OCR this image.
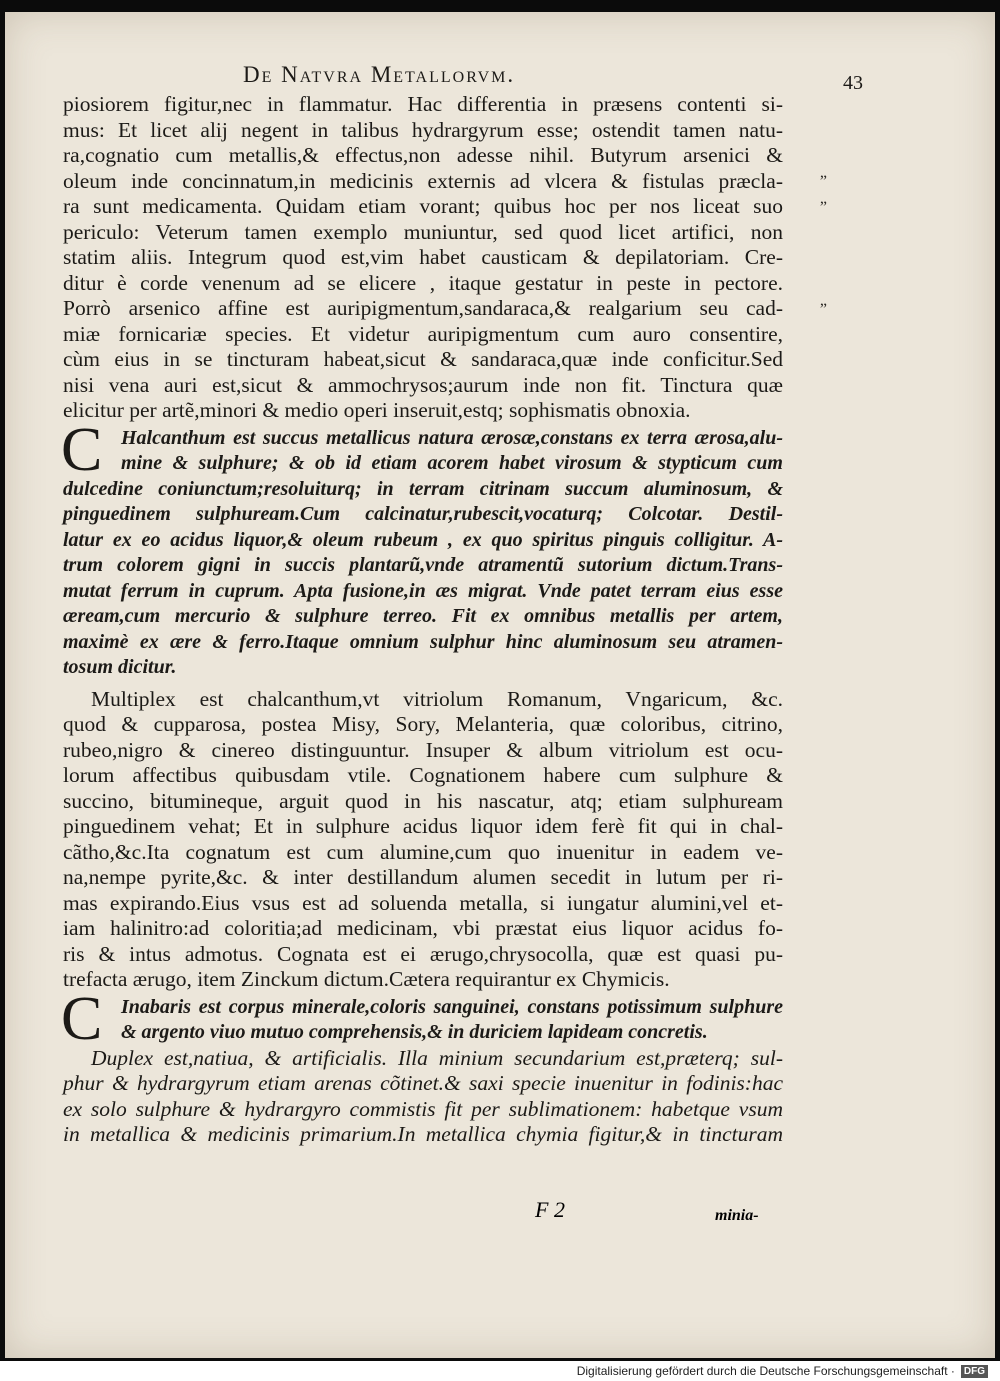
De Natvra Metallorvm.	43
piosiorem figitur,nec in flammatur. Hac differentia in præsens contenti si-
mus: Et licet alij negent in talibus hydrargyrum esse; ostendit tamen natu-
ra,cognatio cum metallis,& effectus,non adesse nihil. Butyrum arsenici &
oleum inde concinnatum,in medicinis externis ad vlcera & fistulas præcla-
ra sunt medicamenta. Quidam etiam vorant; quibus hoc per nos liceat suo
periculo: Veterum tamen exemplo muniuntur, sed quod licet artifici, non
statim aliis. Integrum quod est,vim habet causticam & depilatoriam. Cre-
ditur è corde venenum ad se elicere , itaque gestatur in peste in pectore.
Porrò arsenico affine est auripigmentum,sandaraca,& realgarium seu cad-
miæ fornicariæ species. Et videtur auripigmentum cum auro consentire,
cùm eius in se tincturam habeat,sicut & sandaraca,quæ inde conficitur.Sed
nisi vena auri est,sicut & ammochrysos;aurum inde non fit. Tinctura quæ
elicitur per artẽ,minori & medio operi inseruit,estq; sophismatis obnoxia.
„
„
„
C Halcanthum est succus metallicus natura ærosæ,constans ex terra ærosa,alu-
mine & sulphure; & ob id etiam acorem habet virosum & stypticum cum
dulcedine coniunctum;resoluiturq; in terram citrinam succum aluminosum, &
pinguedinem sulphuream.Cum calcinatur,rubescit,vocaturq; Colcotar. Destil-
latur ex eo acidus liquor,& oleum rubeum , ex quo spiritus pinguis colligitur. A-
trum colorem gigni in succis plantarũ,vnde atramentũ sutorium dictum.Trans-
mutat ferrum in cuprum. Apta fusione,in æs migrat. Vnde patet terram eius esse
æream,cum mercurio & sulphure terreo. Fit ex omnibus metallis per artem,
maximè ex ære & ferro.Itaque omnium sulphur hinc aluminosum seu atramen-
tosum dicitur.
Multiplex est chalcanthum,vt vitriolum Romanum, Vngaricum, &c.
quod & cupparosa, postea Misy, Sory, Melanteria, quæ coloribus, citrino,
rubeo,nigro & cinereo distinguuntur. Insuper & album vitriolum est ocu-
lorum affectibus quibusdam vtile. Cognationem habere cum sulphure &
succino, bitumineque, arguit quod in his nascatur, atq; etiam sulphuream
pinguedinem vehat; Et in sulphure acidus liquor idem ferè fit qui in chal-
cãtho,&c.Ita cognatum est cum alumine,cum quo inuenitur in eadem ve-
na,nempe pyrite,&c. & inter destillandum alumen secedit in lutum per ri-
mas expirando.Eius vsus est ad soluenda metalla, si iungatur alumini,vel et-
iam halinitro:ad coloritia;ad medicinam, vbi præstat eius liquor acidus fo-
ris & intus admotus. Cognata est ei ærugo,chrysocolla, quæ est quasi pu-
trefacta ærugo, item Zinckum dictum.Cætera requirantur ex Chymicis.
C Inabaris est corpus minerale,coloris sanguinei, constans potissimum sulphure
& argento viuo mutuo comprehensis,& in duriciem lapideam concretis.
Duplex est,natiua, & artificialis. Illa minium secundarium est,præterq; sul-
phur & hydrargyrum etiam arenas cõtinet.& saxi specie inuenitur in fodinis:hac
ex solo sulphure & hydrargyro commistis fit per sublimationem: habetque vsum
in metallica & medicinis primarium.In metallica chymia figitur,& in tincturam
F 2	minia-
Digitalisierung gefördert durch die Deutsche Forschungsgemeinschaft · DFG
